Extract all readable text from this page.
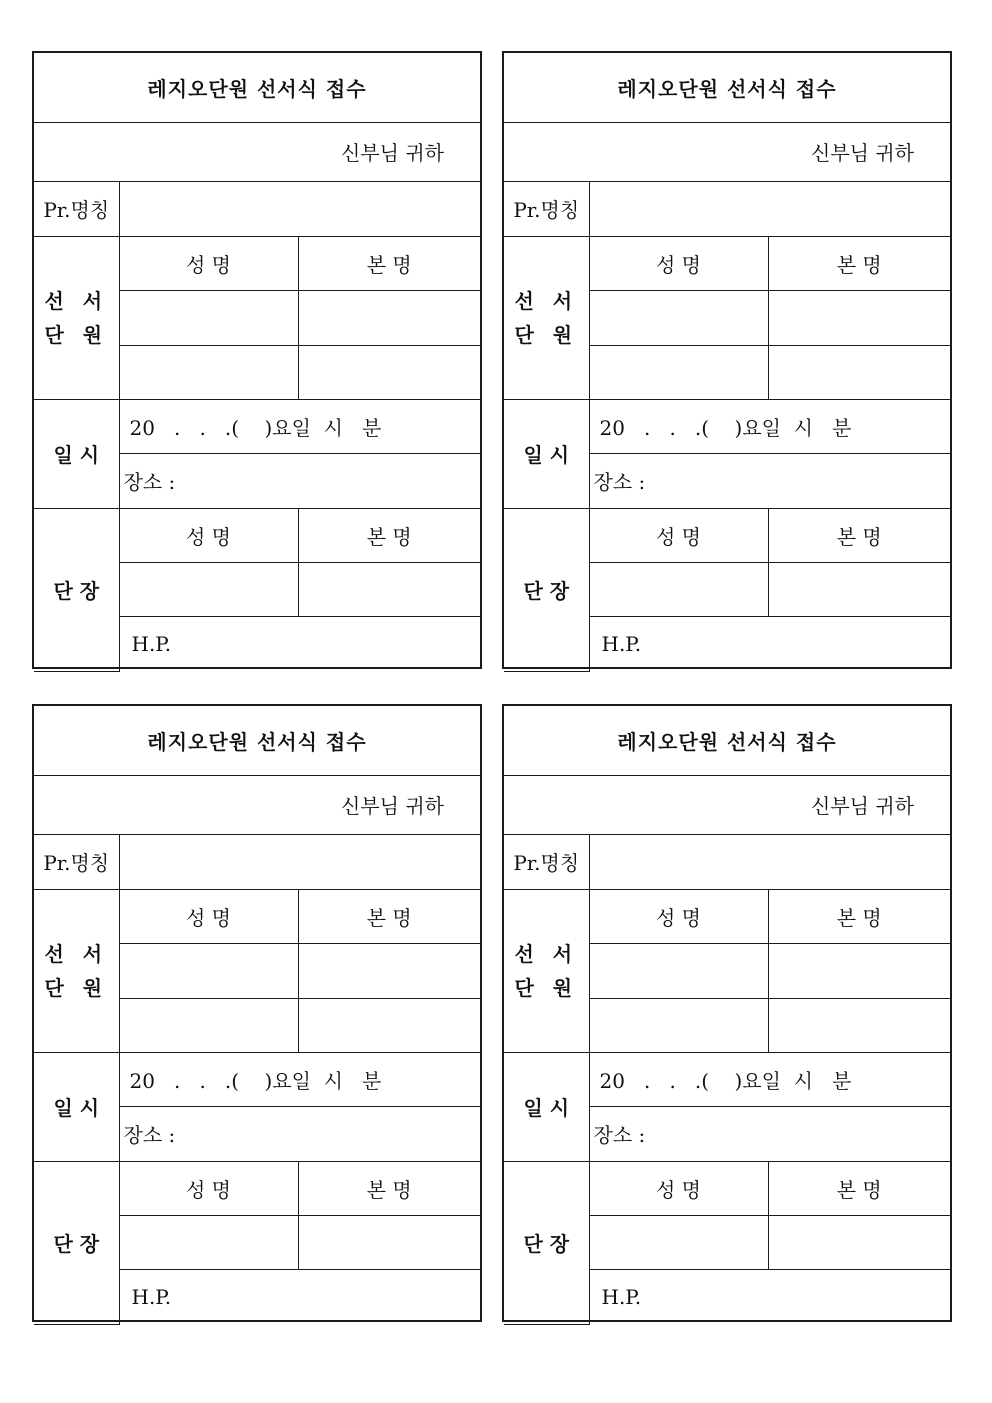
레지오단원 선서식 접수		
신부님 귀하		
Pr.명칭		

선 서
단 원	성 명	본 명

일 시	20   .   .   .(    )요일  시   분	
	장소 :	
단 장	성 명	본 명

	H.P.	
레지오단원 선서식 접수		
신부님 귀하		
Pr.명칭		

선 서
단 원	성 명	본 명

일 시	20   .   .   .(    )요일  시   분	
	장소 :	
단 장	성 명	본 명

	H.P.	
레지오단원 선서식 접수		
신부님 귀하		
Pr.명칭		

선 서
단 원	성 명	본 명

일 시	20   .   .   .(    )요일  시   분	
	장소 :	
단 장	성 명	본 명

	H.P.	
레지오단원 선서식 접수		
신부님 귀하		
Pr.명칭		

선 서
단 원	성 명	본 명

일 시	20   .   .   .(    )요일  시   분	
	장소 :	
단 장	성 명	본 명

	H.P.	
